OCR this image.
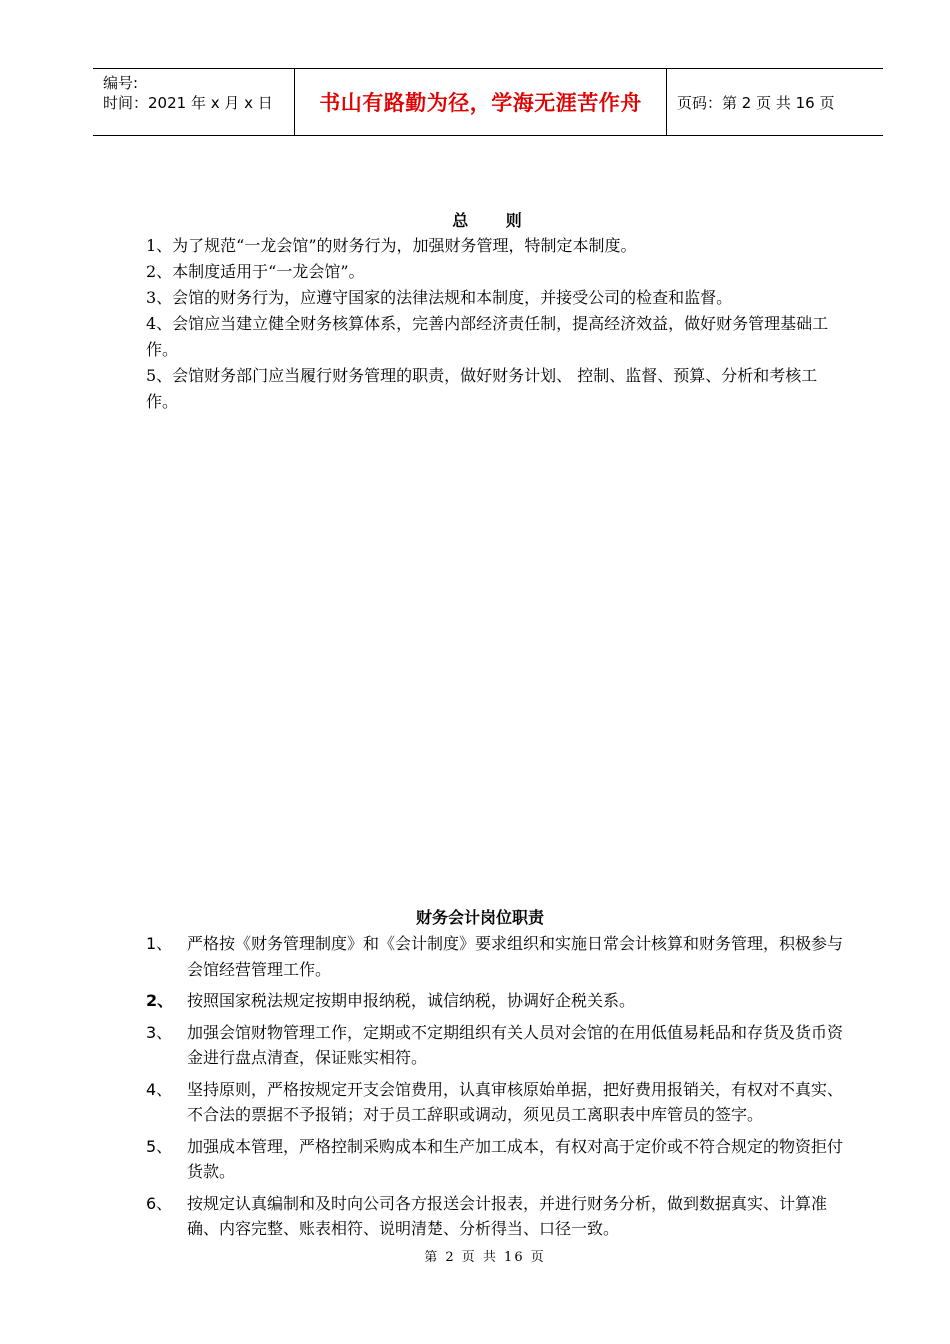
编号:
时间：2021 年 x 月 x 日	书山有路勤为径，学海无涯苦作舟 页码：第 2 页 共 16 页
总 则

1、为了规范“一龙会馆”的财务行为，加强财务管理，特制定本制度。

2、本制度适用于“一龙会馆”。

3、会馆的财务行为，应遵守国家的法律法规和本制度，并接受公司的检查和监督。

4、会馆应当建立健全财务核算体系，完善内部经济责任制，提高经济效益，做好财务管理基础工作。

5、会馆财务部门应当履行财务管理的职责，做好财务计划、 控制、监督、预算、分析和考核工作。

财务会计岗位职责
1、 严格按《财务管理制度》和《会计制度》要求组织和实施日常会计核算和财务管理，积极参与会馆经营管理工作。
2、 按照国家税法规定按期申报纳税，诚信纳税，协调好企税关系。
3、 加强会馆财物管理工作，定期或不定期组织有关人员对会馆的在用低值易耗品和存货及货币资金进行盘点清查，保证账实相符。
4、 坚持原则，严格按规定开支会馆费用，认真审核原始单据，把好费用报销关，有权对不真实、不合法的票据不予报销；对于员工辞职或调动，须见员工离职表中库管员的签字。
5、 加强成本管理，严格控制采购成本和生产加工成本，有权对高于定价或不符合规定的物资拒付货款。
6、 按规定认真编制和及时向公司各方报送会计报表，并进行财务分析，做到数据真实、计算准确、内容完整、账表相符、说明清楚、分析得当、口径一致。
第 2 页 共 16 页
